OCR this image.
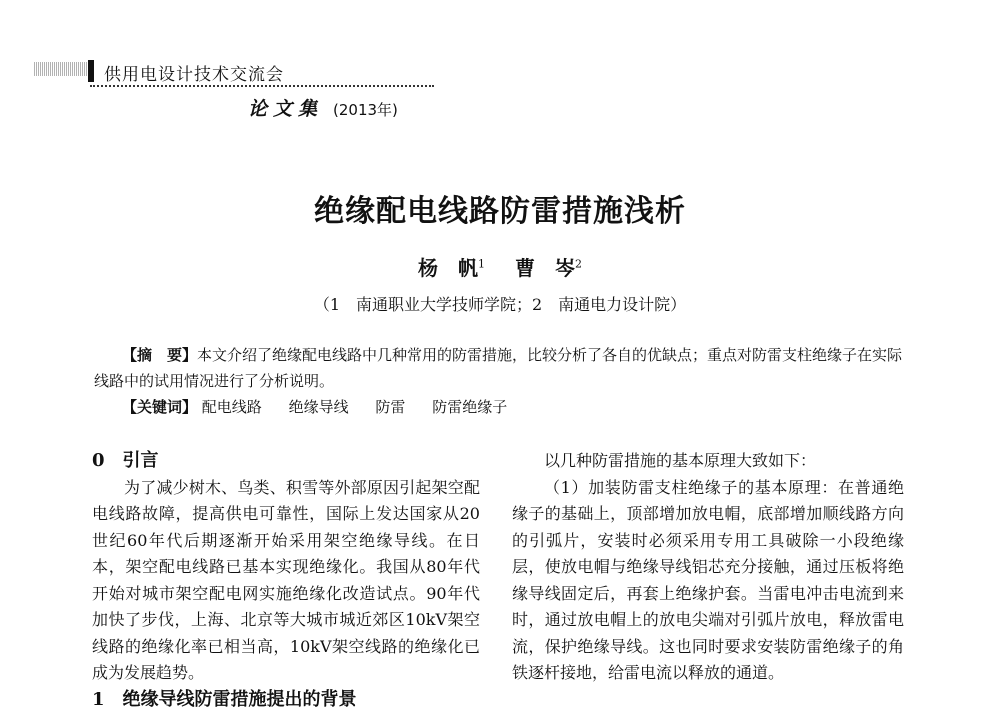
供用电设计技术交流会
论文集 (2013年)
绝缘配电线路防雷措施浅析
杨　帆$^1$ 曹　岑$^2$
（1　南通职业大学技师学院；2　南通电力设计院）
【摘　要】本文介绍了绝缘配电线路中几种常用的防雷措施，比较分析了各自的优缺点；重点对防雷支柱绝缘子在实际线路中的试用情况进行了分析说明。
【关键词】 配电线路 绝缘导线 防雷 防雷绝缘子

0　引言

为了减少树木、鸟类、积雪等外部原因引起架空配电线路故障，提高供电可靠性，国际上发达国家从20世纪60年代后期逐渐开始采用架空绝缘导线。在日本，架空配电线路已基本实现绝缘化。我国从80年代开始对城市架空配电网实施绝缘化改造试点。90年代加快了步伐，上海、北京等大城市城近郊区10kV架空线路的绝缘化率已相当高，10kV架空线路的绝缘化已成为发展趋势。

1　绝缘导线防雷措施提出的背景

以几种防雷措施的基本原理大致如下：

（1）加装防雷支柱绝缘子的基本原理：在普通绝缘子的基础上，顶部增加放电帽，底部增加顺线路方向的引弧片，安装时必须采用专用工具破除一小段绝缘层，使放电帽与绝缘导线铝芯充分接触，通过压板将绝缘导线固定后，再套上绝缘护套。当雷电冲击电流到来时，通过放电帽上的放电尖端对引弧片放电，释放雷电流，保护绝缘导线。这也同时要求安装防雷绝缘子的角铁逐杆接地，给雷电流以释放的通道。
